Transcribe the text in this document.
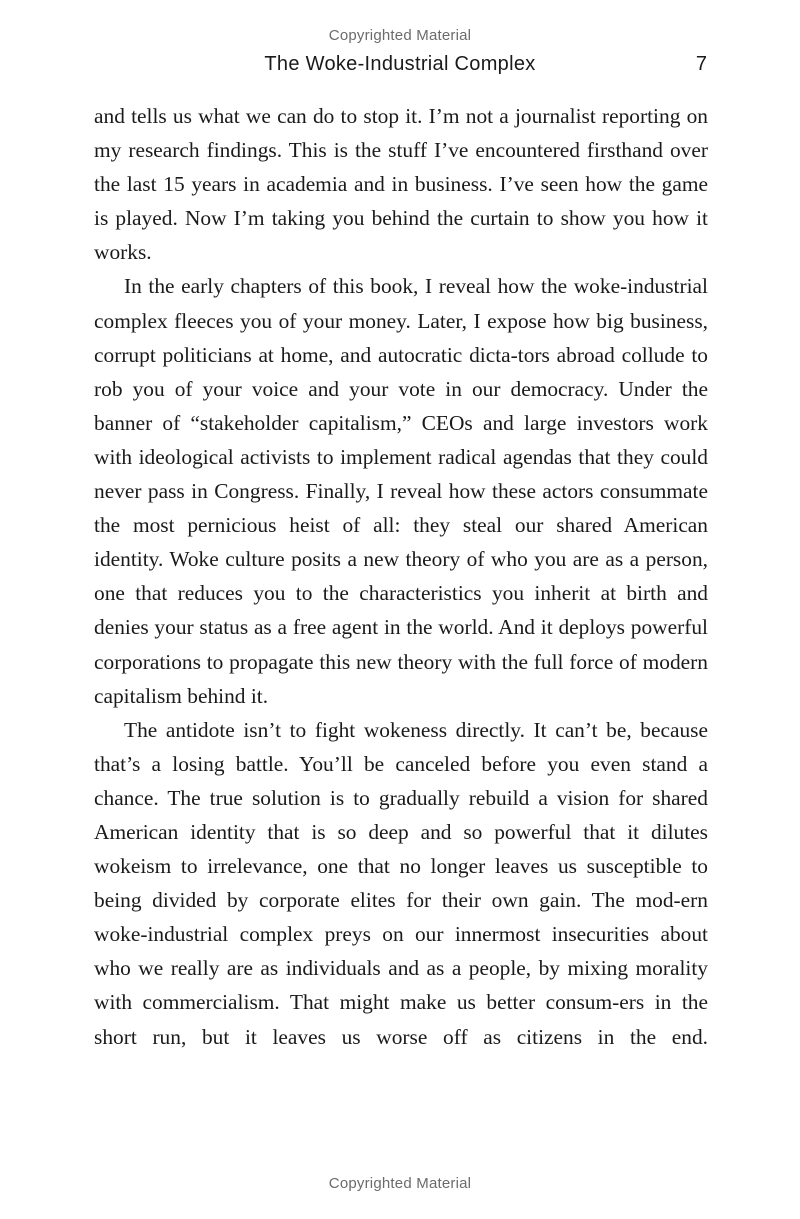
Copyrighted Material
The Woke-Industrial Complex	7

and tells us what we can do to stop it. I’m not a journalist reporting on my research findings. This is the stuff I’ve encountered firsthand over the last 15 years in academia and in business. I’ve seen how the game is played. Now I’m taking you behind the curtain to show you how it works.

In the early chapters of this book, I reveal how the woke-industrial complex fleeces you of your money. Later, I expose how big business, corrupt politicians at home, and autocratic dicta-tors abroad collude to rob you of your voice and your vote in our democracy. Under the banner of “stakeholder capitalism,” CEOs and large investors work with ideological activists to implement radical agendas that they could never pass in Congress. Finally, I reveal how these actors consummate the most pernicious heist of all: they steal our shared American identity. Woke culture posits a new theory of who you are as a person, one that reduces you to the characteristics you inherit at birth and denies your status as a free agent in the world. And it deploys powerful corporations to propagate this new theory with the full force of modern capitalism behind it.

The antidote isn’t to fight wokeness directly. It can’t be, because that’s a losing battle. You’ll be canceled before you even stand a chance. The true solution is to gradually rebuild a vision for shared American identity that is so deep and so powerful that it dilutes wokeism to irrelevance, one that no longer leaves us susceptible to being divided by corporate elites for their own gain. The mod-ern woke-industrial complex preys on our innermost insecurities about who we really are as individuals and as a people, by mixing morality with commercialism. That might make us better consum-ers in the short run, but it leaves us worse off as citizens in the end.

Copyrighted Material
